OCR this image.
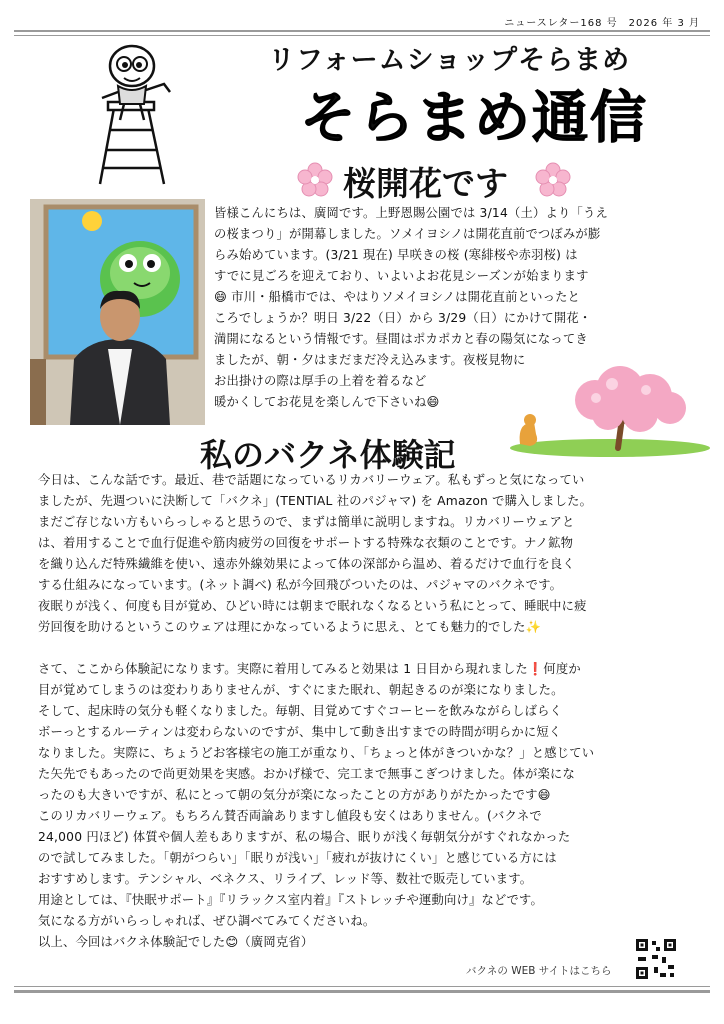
ニュースレター168 号　2026 年 3 月
リフォームショップそらまめ
そらまめ通信
桜開花です

皆様こんにちは、廣岡です。上野恩賜公園では 3/14（土）より「うえ

の桜まつり」が開幕しました。ソメイヨシノは開花直前でつぼみが膨

らみ始めています。(3/21 現在) 早咲きの桜 (寒緋桜や赤羽桜) は

すでに見ごろを迎えており、いよいよお花見シーズンが始まります

😄 市川・船橋市では、やはりソメイヨシノは開花直前といったと

ころでしょうか？明日 3/22（日）から 3/29（日）にかけて開花・

満開になるという情報です。昼間はポカポカと春の陽気になってき

ましたが、朝・夕はまだまだ冷え込みます。夜桜見物に

お出掛けの際は厚手の上着を着るなど

暖かくしてお花見を楽しんで下さいね😄

私のバクネ体験記

今日は、こんな話です。最近、巷で話題になっているリカバリーウェア。私もずっと気になってい

ましたが、先週ついに決断して「バクネ」(TENTIAL 社のパジャマ) を Amazon で購入しました。

まだご存じない方もいらっしゃると思うので、まずは簡単に説明しますね。リカバリーウェアと

は、着用することで血行促進や筋肉疲労の回復をサポートする特殊な衣類のことです。ナノ鉱物

を織り込んだ特殊繊維を使い、遠赤外線効果によって体の深部から温め、着るだけで血行を良く

する仕組みになっています。(ネット調べ) 私が今回飛びついたのは、パジャマのバクネです。

夜眠りが浅く、何度も目が覚め、ひどい時には朝まで眠れなくなるという私にとって、睡眠中に疲

労回復を助けるというこのウェアは理にかなっているように思え、とても魅力的でした✨

さて、ここから体験記になります。実際に着用してみると効果は 1 日目から現れました❗何度か

目が覚めてしまうのは変わりありませんが、すぐにまた眠れ、朝起きるのが楽になりました。

そして、起床時の気分も軽くなりました。毎朝、目覚めてすぐコーヒーを飲みながらしばらく

ボーっとするルーティンは変わらないのですが、集中して動き出すまでの時間が明らかに短く

なりました。実際に、ちょうどお客様宅の施工が重なり、「ちょっと体がきついかな？」と感じてい

た矢先でもあったので尚更効果を実感。おかげ様で、完工まで無事こぎつけました。体が楽にな

ったのも大きいですが、私にとって朝の気分が楽になったことの方がありがたかったです😄

このリカバリーウェア。もちろん賛否両論ありますし値段も安くはありません。(バクネで

24,000 円ほど) 体質や個人差もありますが、私の場合、眠りが浅く毎朝気分がすぐれなかった

ので試してみました。「朝がつらい」「眠りが浅い」「疲れが抜けにくい」と感じている方には

おすすめします。テンシャル、ベネクス、リライブ、レッド等、数社で販売しています。

用途としては、『快眠サポート』『リラックス室内着』『ストレッチや運動向け』などです。

気になる方がいらっしゃれば、ぜひ調べてみてくださいね。

以上、今回はバクネ体験記でした😊（廣岡克省）

バクネの WEB サイトはこちら
